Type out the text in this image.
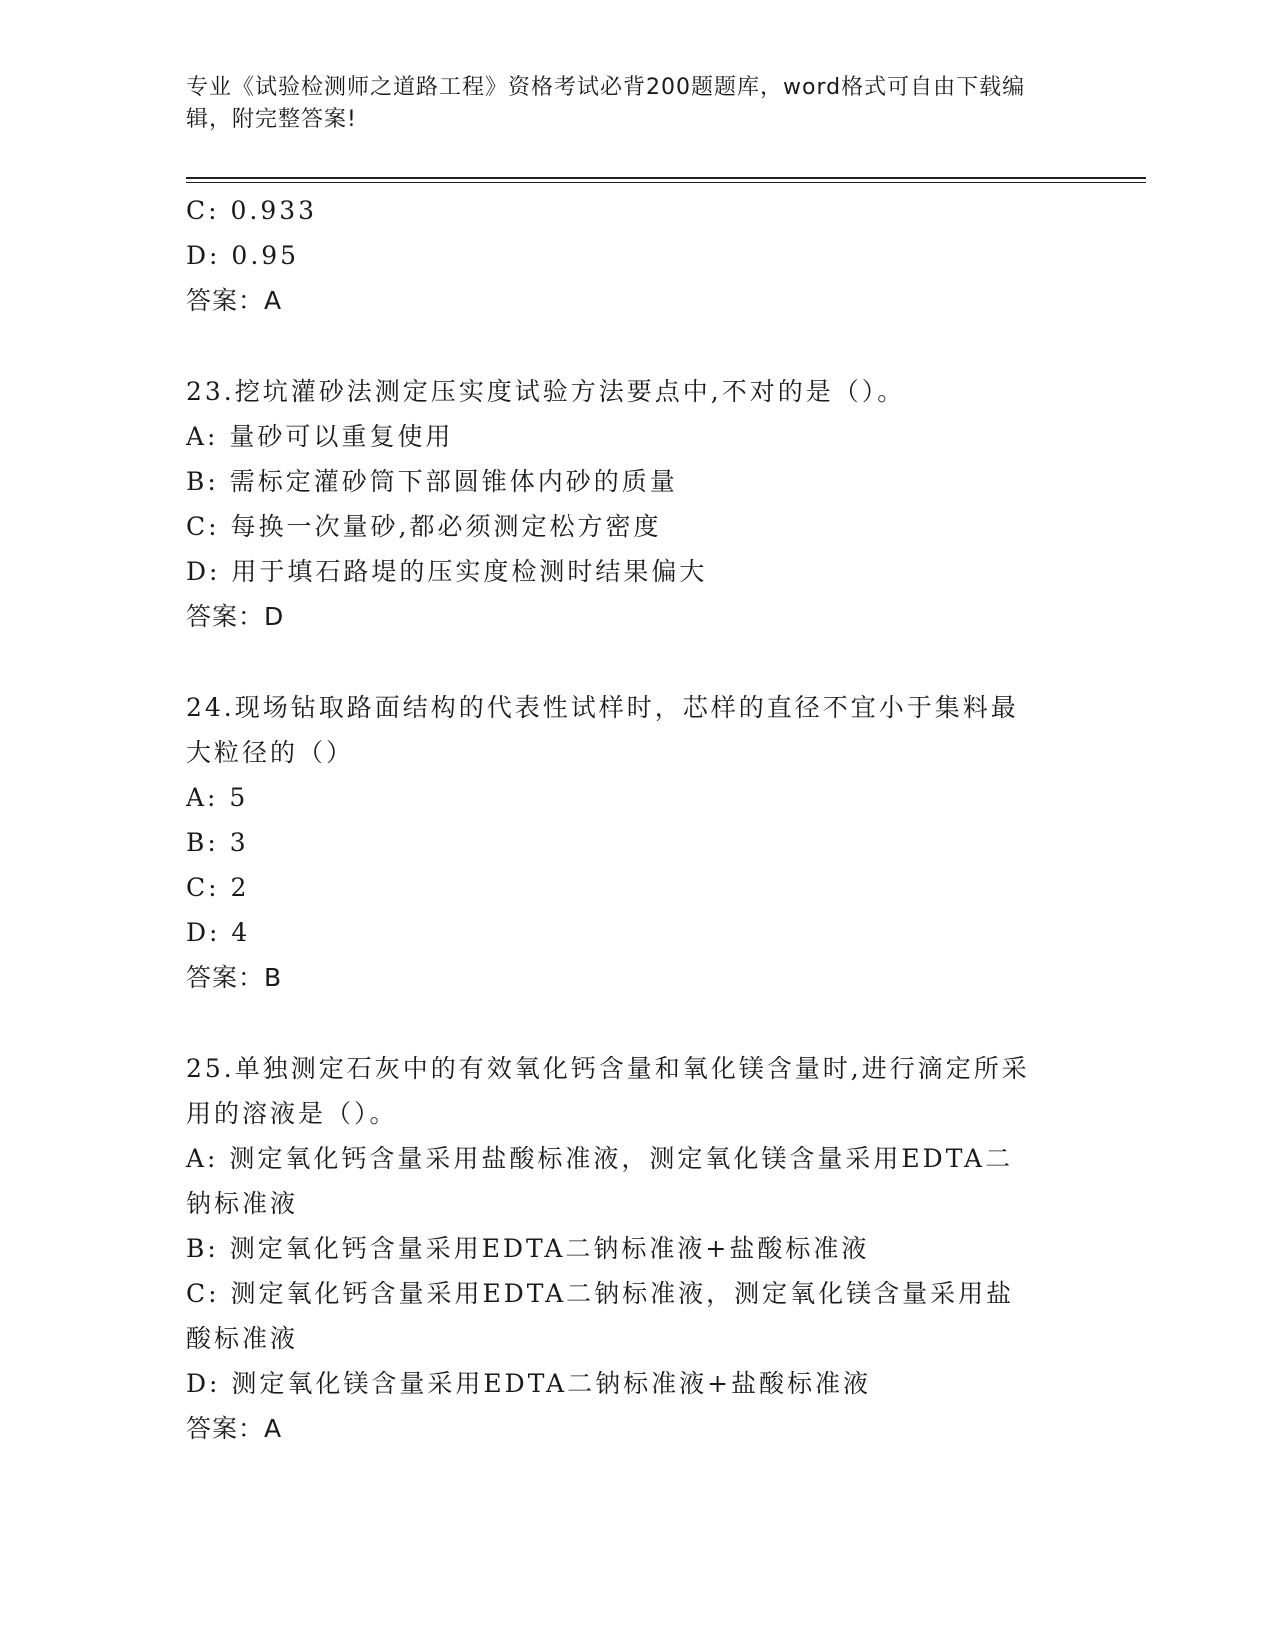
专业《试验检测师之道路工程》资格考试必背200题题库，word格式可自由下载编辑，附完整答案!
C: 0.933
D: 0.95
答案：A
23.挖坑灌砂法测定压实度试验方法要点中,不对的是（）。
A: 量砂可以重复使用
B: 需标定灌砂筒下部圆锥体内砂的质量
C: 每换一次量砂,都必须测定松方密度
D: 用于填石路堤的压实度检测时结果偏大
答案：D
24.现场钻取路面结构的代表性试样时，芯样的直径不宜小于集料最大粒径的（）
A: 5
B: 3
C: 2
D: 4
答案：B
25.单独测定石灰中的有效氧化钙含量和氧化镁含量时,进行滴定所采用的溶液是（）。
A: 测定氧化钙含量采用盐酸标准液，测定氧化镁含量采用EDTA二钠标准液
B: 测定氧化钙含量采用EDTA二钠标准液+盐酸标准液
C: 测定氧化钙含量采用EDTA二钠标准液，测定氧化镁含量采用盐酸标准液
D: 测定氧化镁含量采用EDTA二钠标准液+盐酸标准液
答案：A
